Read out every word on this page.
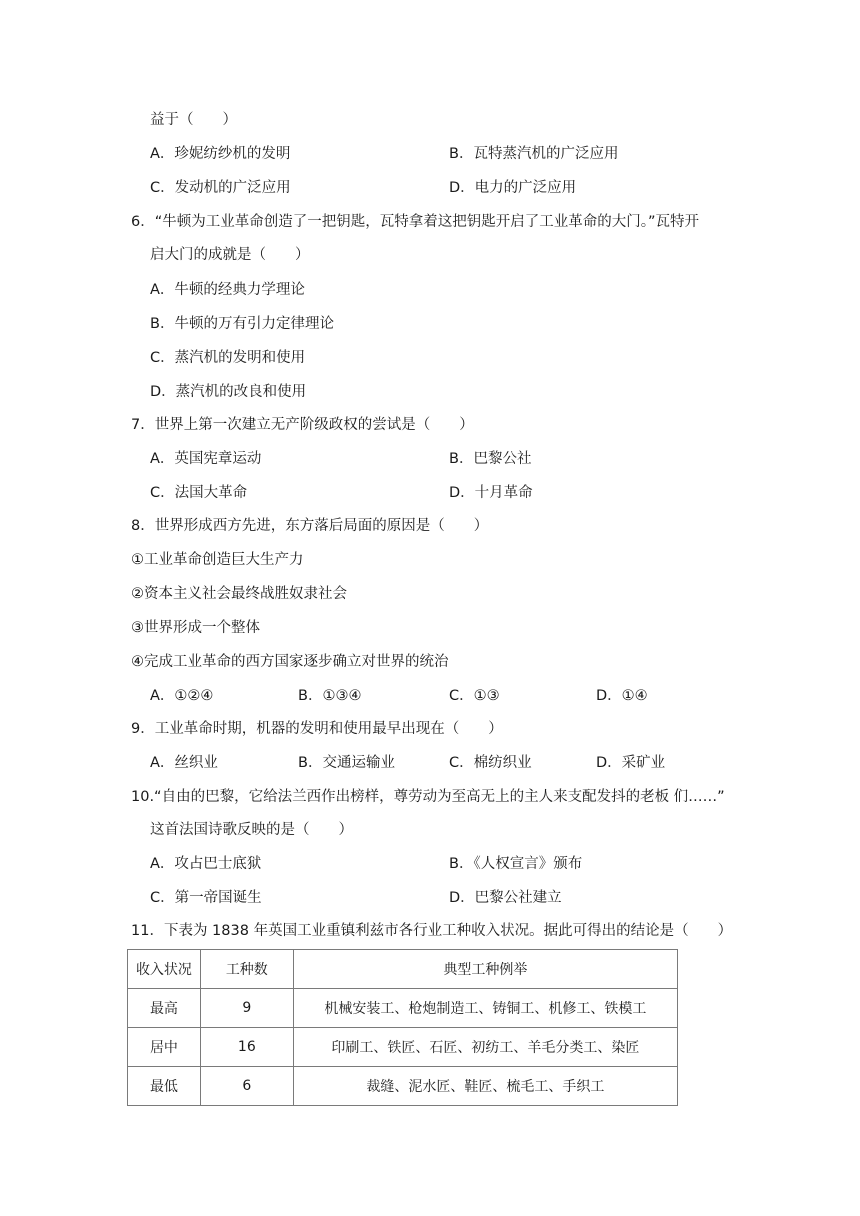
益于（　　）
A．珍妮纺纱机的发明	B．瓦特蒸汽机的广泛应用
C．发动机的广泛应用	D．电力的广泛应用
6．“牛顿为工业革命创造了一把钥匙，瓦特拿着这把钥匙开启了工业革命的大门。”瓦特开
启大门的成就是（　　）
A．牛顿的经典力学理论
B．牛顿的万有引力定律理论
C．蒸汽机的发明和使用
D．蒸汽机的改良和使用
7．世界上第一次建立无产阶级政权的尝试是（　　）
A．英国宪章运动	B．巴黎公社
C．法国大革命	D．十月革命
8．世界形成西方先进，东方落后局面的原因是（　　）
①工业革命创造巨大生产力
②资本主义社会最终战胜奴隶社会
③世界形成一个整体
④完成工业革命的西方国家逐步确立对世界的统治
A．①②④	B．①③④	C．①③	D．①④
9．工业革命时期，机器的发明和使用最早出现在（　　）
A．丝织业	B．交通运输业	C．棉纺织业	D．采矿业
10.“自由的巴黎，它给法兰西作出榜样，尊劳动为至高无上的主人来支配发抖的老板 们……”
这首法国诗歌反映的是（　　）
A．攻占巴士底狱	B．《人权宣言》颁布
C．第一帝国诞生	D．巴黎公社建立
11．下表为 1838 年英国工业重镇利兹市各行业工种收入状况。据此可得出的结论是（　　）
收入状况	工种数	典型工种例举
最高	9	机械安装工、枪炮制造工、铸铜工、机修工、铁模工
居中	16	印刷工、铁匠、石匠、初纺工、羊毛分类工、染匠
最低	6	裁缝、泥水匠、鞋匠、梳毛工、手织工
